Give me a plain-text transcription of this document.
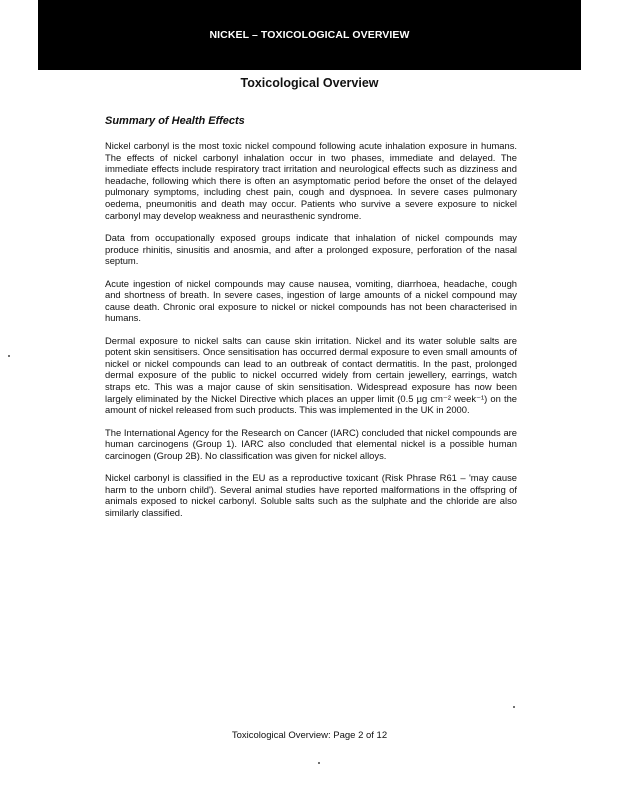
NICKEL – TOXICOLOGICAL OVERVIEW
Toxicological Overview
Summary of Health Effects

Nickel carbonyl is the most toxic nickel compound following acute inhalation exposure in humans. The effects of nickel carbonyl inhalation occur in two phases, immediate and delayed. The immediate effects include respiratory tract irritation and neurological effects such as dizziness and headache, following which there is often an asymptomatic period before the onset of the delayed pulmonary symptoms, including chest pain, cough and dyspnoea. In severe cases pulmonary oedema, pneumonitis and death may occur. Patients who survive a severe exposure to nickel carbonyl may develop weakness and neurasthenic syndrome.

Data from occupationally exposed groups indicate that inhalation of nickel compounds may produce rhinitis, sinusitis and anosmia, and after a prolonged exposure, perforation of the nasal septum.

Acute ingestion of nickel compounds may cause nausea, vomiting, diarrhoea, headache, cough and shortness of breath. In severe cases, ingestion of large amounts of a nickel compound may cause death. Chronic oral exposure to nickel or nickel compounds has not been characterised in humans.

Dermal exposure to nickel salts can cause skin irritation. Nickel and its water soluble salts are potent skin sensitisers. Once sensitisation has occurred dermal exposure to even small amounts of nickel or nickel compounds can lead to an outbreak of contact dermatitis. In the past, prolonged dermal exposure of the public to nickel occurred widely from certain jewellery, earrings, watch straps etc. This was a major cause of skin sensitisation. Widespread exposure has now been largely eliminated by the Nickel Directive which places an upper limit (0.5 µg cm⁻² week⁻¹) on the amount of nickel released from such products. This was implemented in the UK in 2000.

The International Agency for the Research on Cancer (IARC) concluded that nickel compounds are human carcinogens (Group 1). IARC also concluded that elemental nickel is a possible human carcinogen (Group 2B). No classification was given for nickel alloys.

Nickel carbonyl is classified in the EU as a reproductive toxicant (Risk Phrase R61 – 'may cause harm to the unborn child'). Several animal studies have reported malformations in the offspring of animals exposed to nickel carbonyl. Soluble salts such as the sulphate and the chloride are also similarly classified.

Toxicological Overview: Page 2 of 12
